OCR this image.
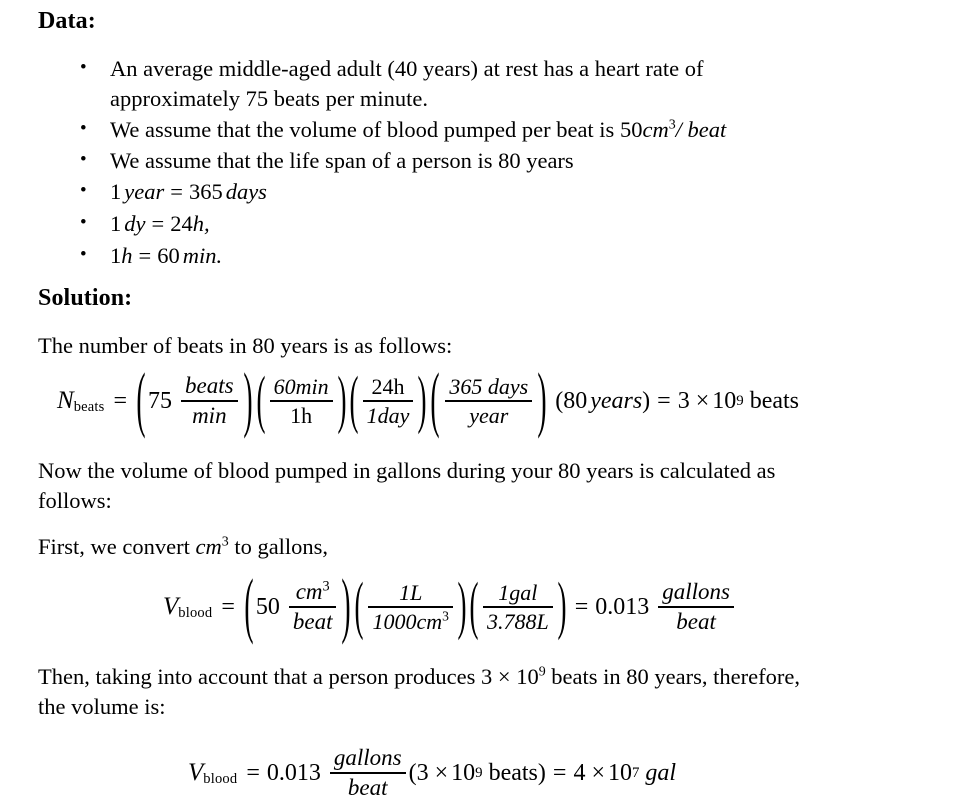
Data:
• An average middle-aged adult (40 years) at rest has a heart rate of
approximately 75 beats per minute.
• We assume that the volume of blood pumped per beat is $50cm^3/$ beat
• We assume that the life span of a person is 80 years
• 1 year = 365 days
• 1 dy = 24h,
• 1h = 60 min.
Solution:
The number of beats in 80 years is as follows:
$N_{beats}$ = ( $75 \frac{\text{beats}}{\min}$ ) ( $\frac{60\min}{1h}$ ) ( $\frac{24h}{\text{1day}}$ ) ( $\frac{\text{365 days}}{\text{year}}$ ) (80 years) = 3 × 10 9 beats
Now the volume of blood pumped in gallons during your 80 years is calculated as
follows:
First, we convert $cm^3$ to gallons,
$V_{blood}$ = ( $50 \frac{cm^3}{\text{beat}}$ ) ( $\frac{1L}{1000cm^3}$ ) ( $\frac{\text{1gal}}{3.788L}$ ) = $0.013 \frac{\text{gallons}}{\text{beat}}$
Then, taking into account that a person produces $3 \times 10^9$ beats in 80 years, therefore,
the volume is:
$V_{blood} = 0.013 \frac{\text{gallons}}{\text{beat}} (3 \times 10$ 9 beats) = 4 × 10 7 gal
